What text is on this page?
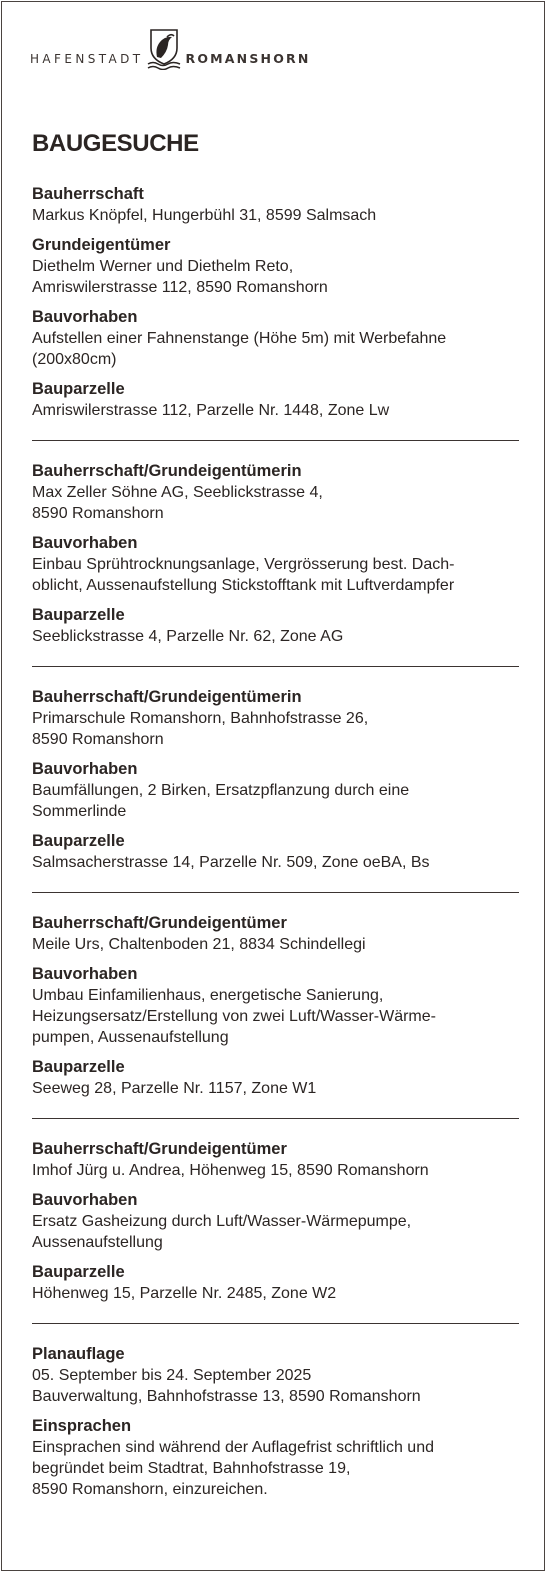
HAFENSTADT	ROMANSHORN
BAUGESUCHE
Bauherrschaft
Markus Knöpfel, Hungerbühl 31, 8599 Salmsach
Grundeigentümer
Diethelm Werner und Diethelm Reto,
Amriswilerstrasse 112, 8590 Romanshorn
Bauvorhaben
Aufstellen einer Fahnenstange (Höhe 5m) mit Werbefahne
(200x80cm)
Bauparzelle
Amriswilerstrasse 112, Parzelle Nr. 1448, Zone Lw
Bauherrschaft/Grundeigentümerin
Max Zeller Söhne AG, Seeblickstrasse 4,
8590 Romanshorn
Bauvorhaben
Einbau Sprühtrocknungsanlage, Vergrösserung best. Dach-
oblicht, Aussenaufstellung Stickstofftank mit Luftverdampfer
Bauparzelle
Seeblickstrasse 4, Parzelle Nr. 62, Zone AG
Bauherrschaft/Grundeigentümerin
Primarschule Romanshorn, Bahnhofstrasse 26,
8590 Romanshorn
Bauvorhaben
Baumfällungen, 2 Birken, Ersatzpflanzung durch eine
Sommerlinde
Bauparzelle
Salmsacherstrasse 14, Parzelle Nr. 509, Zone oeBA, Bs
Bauherrschaft/Grundeigentümer
Meile Urs, Chaltenboden 21, 8834 Schindellegi
Bauvorhaben
Umbau Einfamilienhaus, energetische Sanierung,
Heizungsersatz/Erstellung von zwei Luft/Wasser-Wärme-
pumpen, Aussenaufstellung
Bauparzelle
Seeweg 28, Parzelle Nr. 1157, Zone W1
Bauherrschaft/Grundeigentümer
Imhof Jürg u. Andrea, Höhenweg 15, 8590 Romanshorn
Bauvorhaben
Ersatz Gasheizung durch Luft/Wasser-Wärmepumpe,
Aussenaufstellung
Bauparzelle
Höhenweg 15, Parzelle Nr. 2485, Zone W2
Planauflage
05. September bis 24. September 2025
Bauverwaltung, Bahnhofstrasse 13, 8590 Romanshorn
Einsprachen
Einsprachen sind während der Auflagefrist schriftlich und
begründet beim Stadtrat, Bahnhofstrasse 19,
8590 Romanshorn, einzureichen.
